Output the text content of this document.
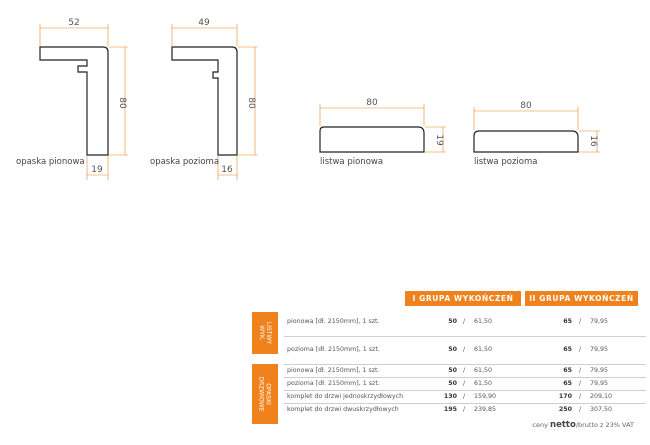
52
80
19
49
80
16
80
19
80
16
opaska pionowa	opaska pozioma	listwa pionowa	listwa pozioma
I GRUPA WYKOŃCZEŃ	II GRUPA WYKOŃCZEŃ
LISTWY
WYK.
OPASKI
DRZWIOWE
pionowa [dł. 2150mm], 1 szt.	50 / 61,50	65 / 79,95
pozioma [dł. 2150mm], 1 szt.	50 / 61,50	65 / 79,95
pionowa [dł. 2150mm], 1 szt.	50 / 61,50	65 / 79,95
pozioma [dł. 2150mm], 1 szt.	50 / 61,50	65 / 79,95
komplet do drzwi jednoskrzydłowych	130 / 159,90	170 / 209,10
komplet do drzwi dwuskrzydłowych	195 / 239,85	250 / 307,50
ceny netto/brutto z 23% VAT
